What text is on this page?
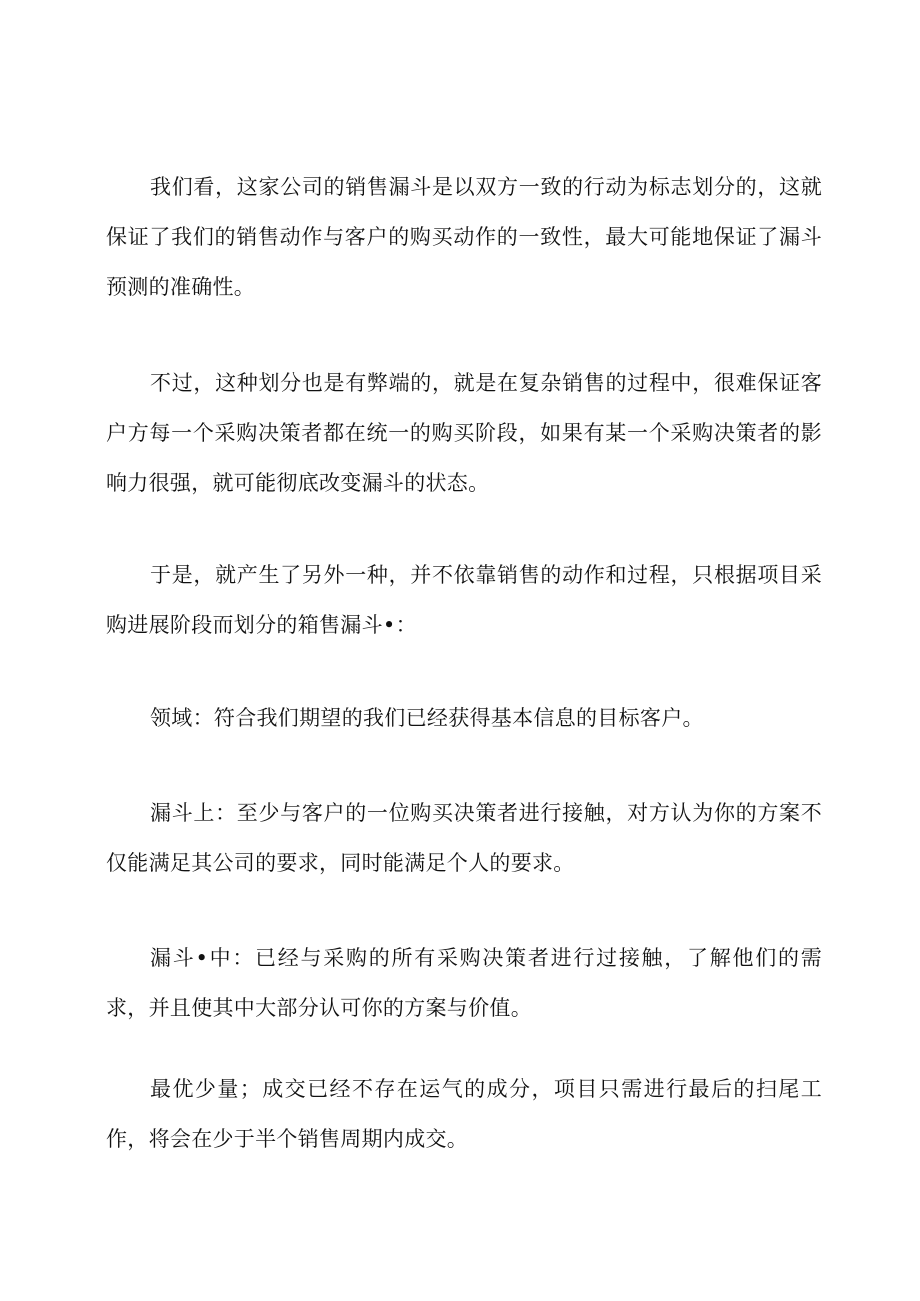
我们看，这家公司的销售漏斗是以双方一致的行动为标志划分的，这就保证了我们的销售动作与客户的购买动作的一致性，最大可能地保证了漏斗预测的准确性。

不过，这种划分也是有弊端的，就是在复杂销售的过程中，很难保证客户方每一个采购决策者都在统一的购买阶段，如果有某一个采购决策者的影响力很强，就可能彻底改变漏斗的状态。

于是，就产生了另外一种，并不依靠销售的动作和过程，只根据项目采购进展阶段而划分的箱售漏斗•：

领域：符合我们期望的我们已经获得基本信息的目标客户。

漏斗上：至少与客户的一位购买决策者进行接触，对方认为你的方案不仅能满足其公司的要求，同时能满足个人的要求。

漏斗•中：已经与采购的所有采购决策者进行过接触，了解他们的需求，并且使其中大部分认可你的方案与价值。

最优少量；成交已经不存在运气的成分，项目只需进行最后的扫尾工作，将会在少于半个销售周期内成交。
